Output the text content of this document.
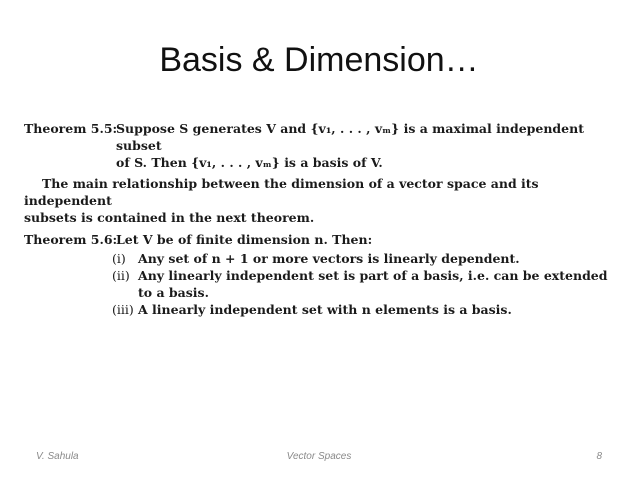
Basis & Dimension…
Theorem 5.5:
Suppose S generates V and {v₁, . . . , vₘ} is a maximal independent subset
of S. Then {v₁, . . . , vₘ} is a basis of V.
The main relationship between the dimension of a vector space and its independent
subsets is contained in the next theorem.
Theorem 5.6:
Let V be of finite dimension n. Then:
(i) Any set of n + 1 or more vectors is linearly dependent.
(ii) Any linearly independent set is part of a basis, i.e. can be extended to a basis.
(iii) A linearly independent set with n elements is a basis.
V. Sahula	Vector Spaces	8
